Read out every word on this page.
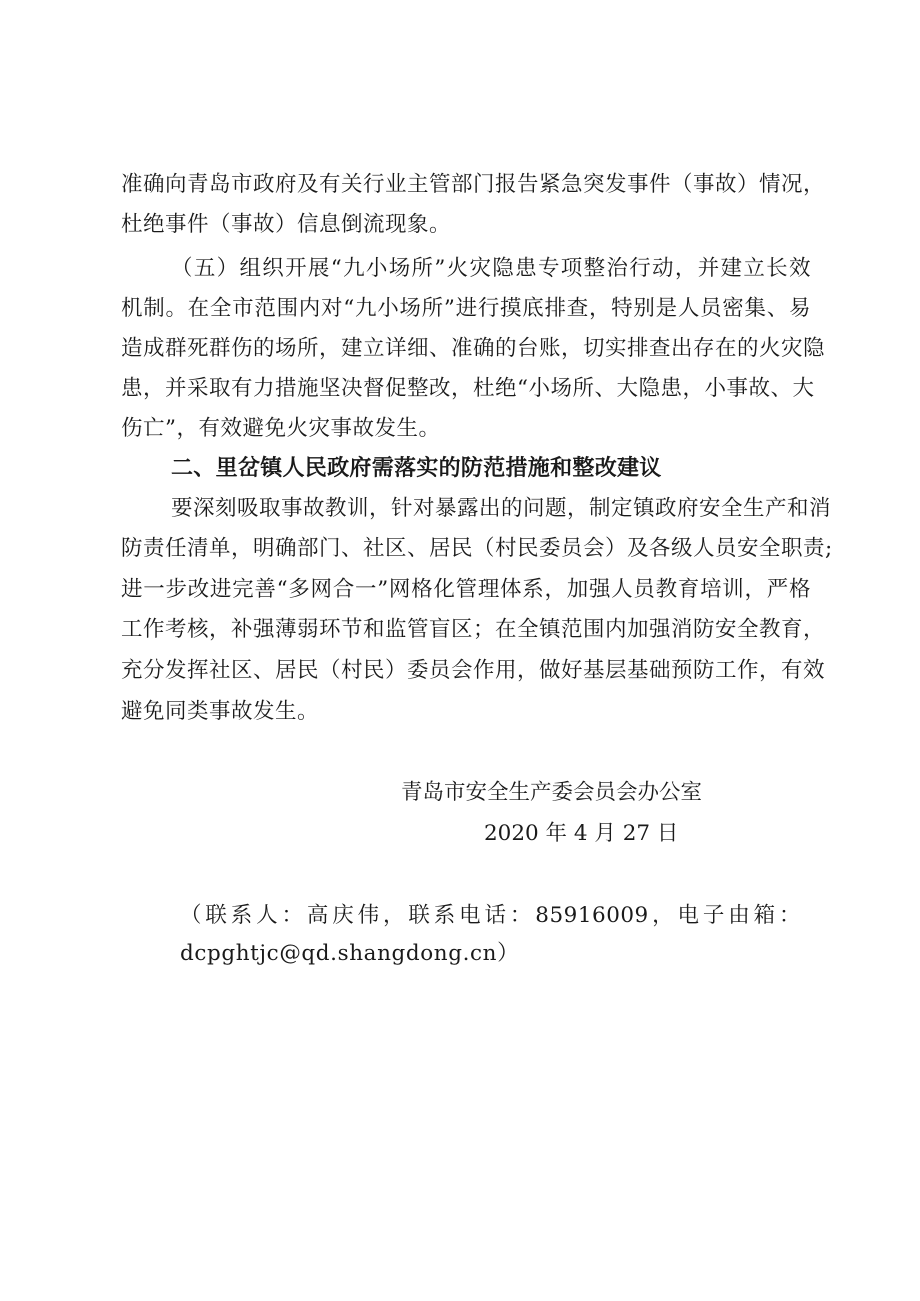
准确向青岛市政府及有关行业主管部门报告紧急突发事件（事故）情况，
杜绝事件（事故）信息倒流现象。
（五）组织开展“九小场所”火灾隐患专项整治行动，并建立长效
机制。在全市范围内对“九小场所”进行摸底排查，特别是人员密集、易
造成群死群伤的场所，建立详细、准确的台账，切实排查出存在的火灾隐
患，并采取有力措施坚决督促整改，杜绝“小场所、大隐患，小事故、大
伤亡”，有效避免火灾事故发生。
二、里岔镇人民政府需落实的防范措施和整改建议
要深刻吸取事故教训，针对暴露出的问题，制定镇政府安全生产和消
防责任清单，明确部门、社区、居民（村民委员会）及各级人员安全职责;
进一步改进完善“多网合一”网格化管理体系，加强人员教育培训，严格
工作考核，补强薄弱环节和监管盲区；在全镇范围内加强消防安全教育，
充分发挥社区、居民（村民）委员会作用，做好基层基础预防工作，有效
避免同类事故发生。
青岛市安全生产委会员会办公室
2020 年 4 月 27 日
（联系人：高庆伟，联系电话：85916009，电子由箱：
dcpghtjc@qd.shangdong.cn）
